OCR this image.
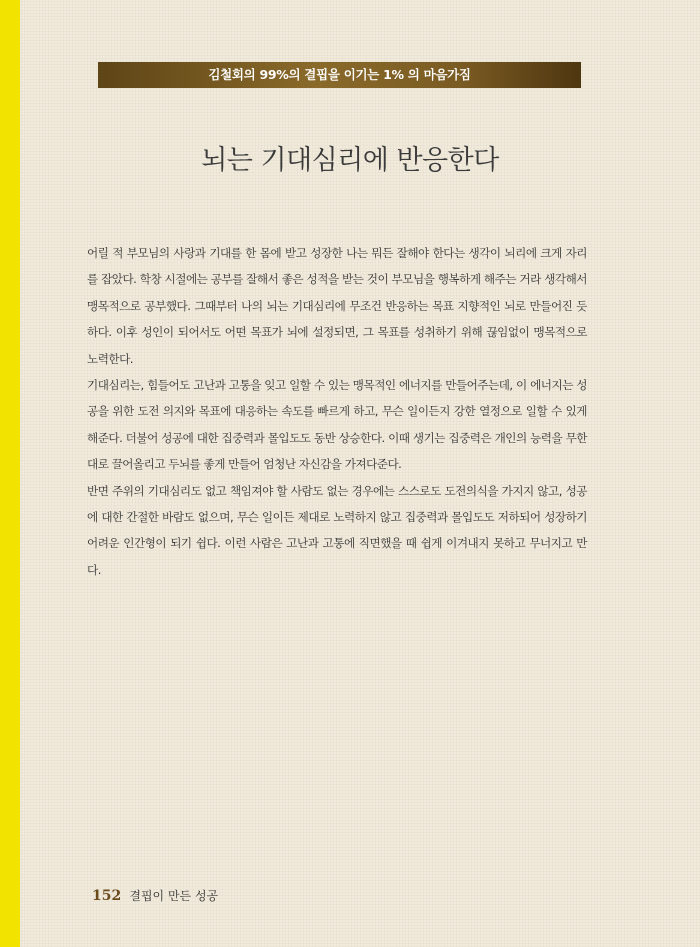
김철회의 99%의 결핍을 이기는 1% 의 마음가짐
뇌는 기대심리에 반응한다

어릴 적 부모님의 사랑과 기대를 한 몸에 받고 성장한 나는 뭐든 잘해야 한다는 생각이 뇌리에 크게 자리를 잡았다. 학창 시절에는 공부를 잘해서 좋은 성적을 받는 것이 부모님을 행복하게 해주는 거라 생각해서 맹목적으로 공부했다. 그때부터 나의 뇌는 기대심리에 무조건 반응하는 목표 지향적인 뇌로 만들어진 듯하다. 이후 성인이 되어서도 어떤 목표가 뇌에 설정되면, 그 목표를 성취하기 위해 끊임없이 맹목적으로 노력한다.

기대심리는, 힘들어도 고난과 고통을 잊고 일할 수 있는 맹목적인 에너지를 만들어주는데, 이 에너지는 성공을 위한 도전 의지와 목표에 대응하는 속도를 빠르게 하고, 무슨 일이든지 강한 열정으로 일할 수 있게 해준다. 더불어 성공에 대한 집중력과 몰입도도 동반 상승한다. 이때 생기는 집중력은 개인의 능력을 무한대로 끌어올리고 두뇌를 좋게 만들어 엄청난 자신감을 가져다준다.

반면 주위의 기대심리도 없고 책임져야 할 사람도 없는 경우에는 스스로도 도전의식을 가지지 않고, 성공에 대한 간절한 바람도 없으며, 무슨 일이든 제대로 노력하지 않고 집중력과 몰입도도 저하되어 성장하기 어려운 인간형이 되기 쉽다. 이런 사람은 고난과 고통에 직면했을 때 쉽게 이겨내지 못하고 무너지고 만다.

152 결핍이 만든 성공
